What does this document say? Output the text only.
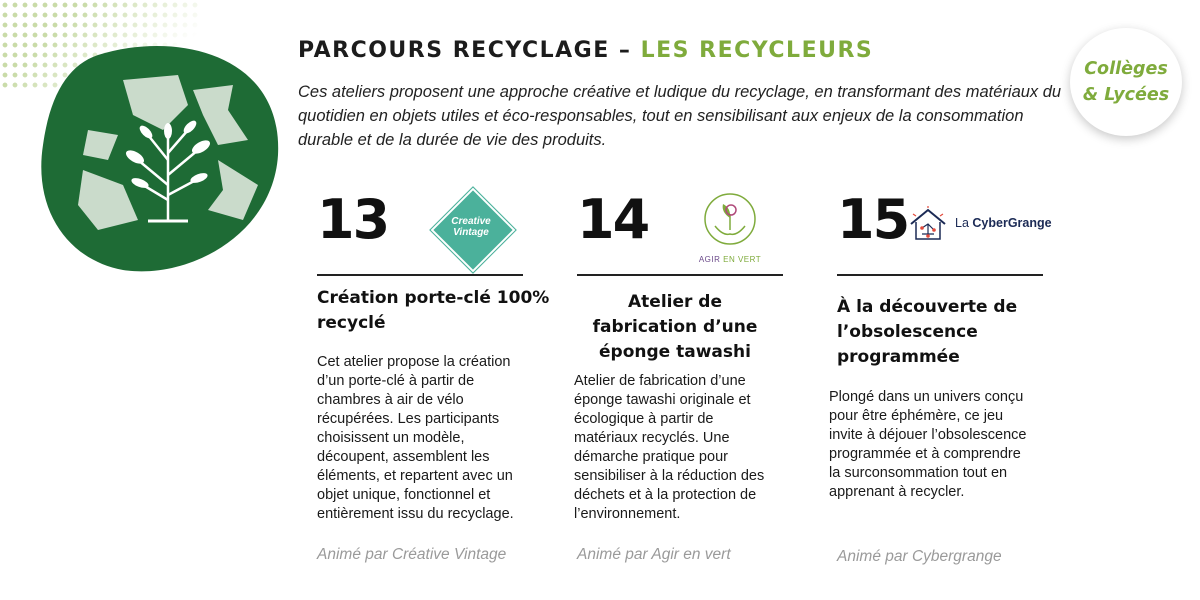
PARCOURS RECYCLAGE – LES RECYCLEURS

Ces ateliers proposent une approche créative et ludique du recyclage, en transformant des matériaux du quotidien en objets utiles et éco-responsables, tout en sensibilisant aux enjeux de la consommation durable et de la durée de vie des produits.

Collèges
& Lycées
13	Creative Vintage
Création porte-clé 100% recyclé

Cet atelier propose la création d’un porte-clé à partir de chambres à air de vélo récupérées. Les participants choisissent un modèle, découpent, assemblent les éléments, et repartent avec un objet unique, fonctionnel et entièrement issu du recyclage.

Animé par Créative Vintage

14
AGIR EN VERT
Atelier de fabrication d’une éponge tawashi

Atelier de fabrication d’une éponge tawashi originale et écologique à partir de matériaux recyclés. Une démarche pratique pour sensibiliser à la réduction des déchets et à la protection de l’environnement.

Animé par Agir en vert

15	La CyberGrange
À la découverte de l’obsolescence programmée

Plongé dans un univers conçu pour être éphémère, ce jeu invite à déjouer l’obsolescence programmée et à comprendre la surconsommation tout en apprenant à recycler.

Animé par Cybergrange
